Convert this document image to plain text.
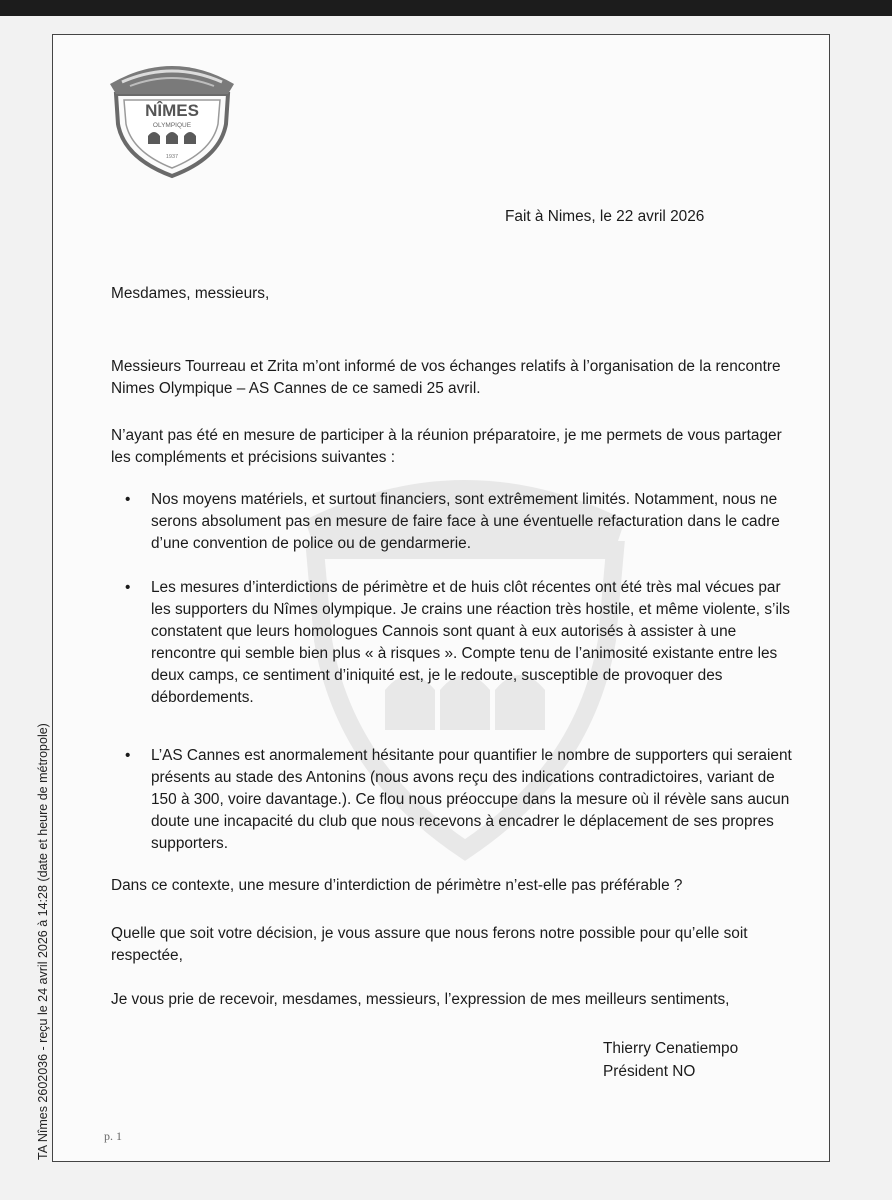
TA Nîmes 2602036 - reçu le 24 avril 2026 à 14:28 (date et heure de métropole)
NÎMES
OLYMPIQUE
1937
Fait à Nimes, le 22 avril 2026
Mesdames, messieurs,
Messieurs Tourreau et Zrita m’ont informé de vos échanges relatifs à l’organisation de la rencontre Nimes Olympique – AS Cannes de ce samedi 25 avril.
N’ayant pas été en mesure de participer à la réunion préparatoire, je me permets de vous partager les compléments et précisions suivantes :
• Nos moyens matériels, et surtout financiers, sont extrêmement limités. Notamment, nous ne serons absolument pas en mesure de faire face à une éventuelle refacturation dans le cadre d’une convention de police ou de gendarmerie.
• Les mesures d’interdictions de périmètre et de huis clôt récentes ont été très mal vécues par les supporters du Nîmes olympique. Je crains une réaction très hostile, et même violente, s’ils constatent que leurs homologues Cannois sont quant à eux autorisés à assister à une rencontre qui semble bien plus « à risques ». Compte tenu de l’animosité existante entre les deux camps, ce sentiment d’iniquité est, je le redoute, susceptible de provoquer des débordements.
• L’AS Cannes est anormalement hésitante pour quantifier le nombre de supporters qui seraient présents au stade des Antonins (nous avons reçu des indications contradictoires, variant de 150 à 300, voire davantage.). Ce flou nous préoccupe dans la mesure où il révèle sans aucun doute une incapacité du club que nous recevons à encadrer le déplacement de ses propres supporters.
Dans ce contexte, une mesure d’interdiction de périmètre n’est-elle pas préférable ?
Quelle que soit votre décision, je vous assure que nous ferons notre possible pour qu’elle soit respectée,
Je vous prie de recevoir, mesdames, messieurs, l’expression de mes meilleurs sentiments,
Thierry Cenatiempo
Président NO
p. 1
